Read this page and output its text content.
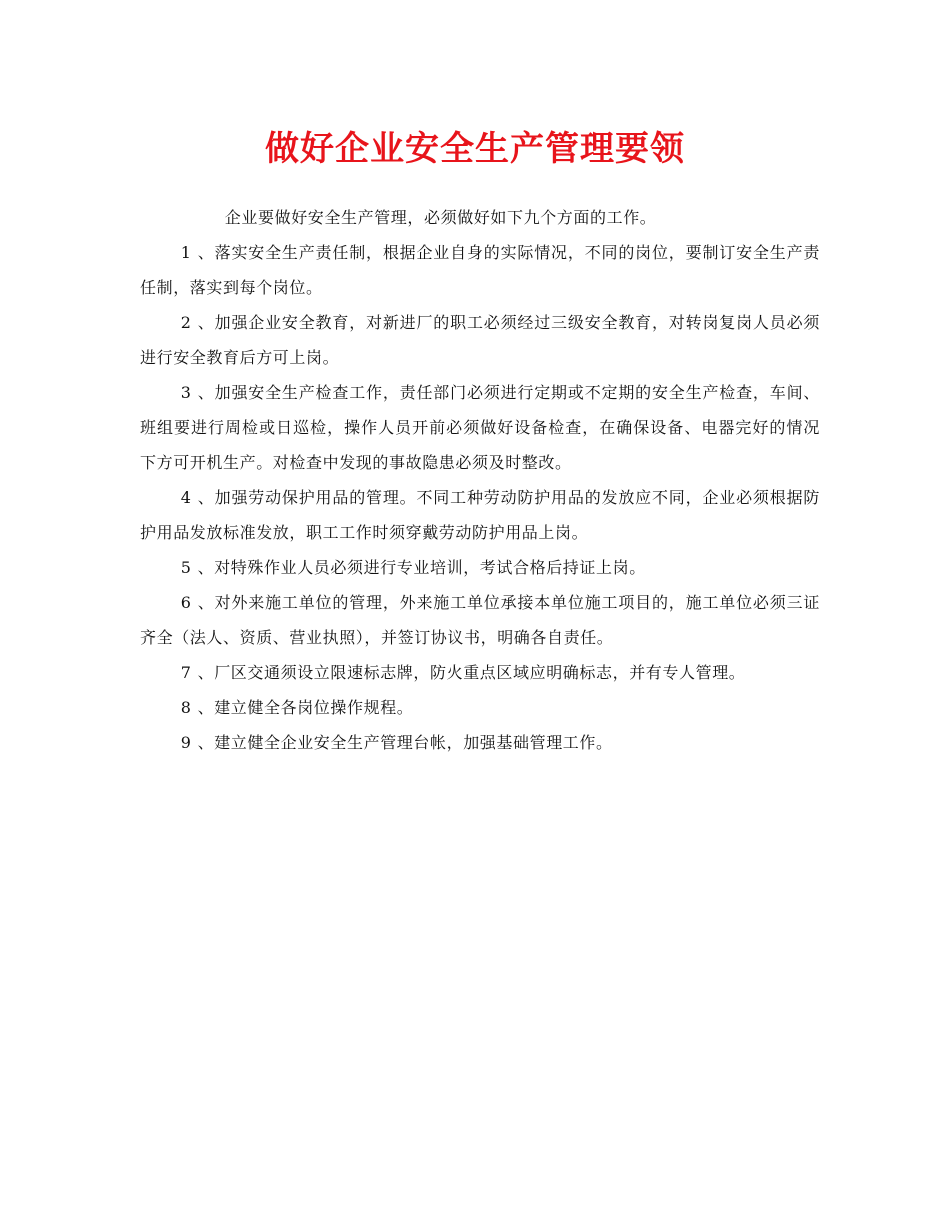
做好企业安全生产管理要领

企业要做好安全生产管理，必须做好如下九个方面的工作。

1 、落实安全生产责任制，根据企业自身的实际情况，不同的岗位，要制订安全生产责任制，落实到每个岗位。

2 、加强企业安全教育，对新进厂的职工必须经过三级安全教育，对转岗复岗人员必须进行安全教育后方可上岗。

3 、加强安全生产检查工作，责任部门必须进行定期或不定期的安全生产检查，车间、班组要进行周检或日巡检，操作人员开前必须做好设备检查，在确保设备、电器完好的情况下方可开机生产。对检查中发现的事故隐患必须及时整改。

4 、加强劳动保护用品的管理。不同工种劳动防护用品的发放应不同，企业必须根据防护用品发放标准发放，职工工作时须穿戴劳动防护用品上岗。

5 、对特殊作业人员必须进行专业培训，考试合格后持证上岗。

6 、对外来施工单位的管理，外来施工单位承接本单位施工项目的，施工单位必须三证齐全（法人、资质、营业执照），并签订协议书，明确各自责任。

7 、厂区交通须设立限速标志牌，防火重点区域应明确标志，并有专人管理。

8 、建立健全各岗位操作规程。

9 、建立健全企业安全生产管理台帐，加强基础管理工作。
